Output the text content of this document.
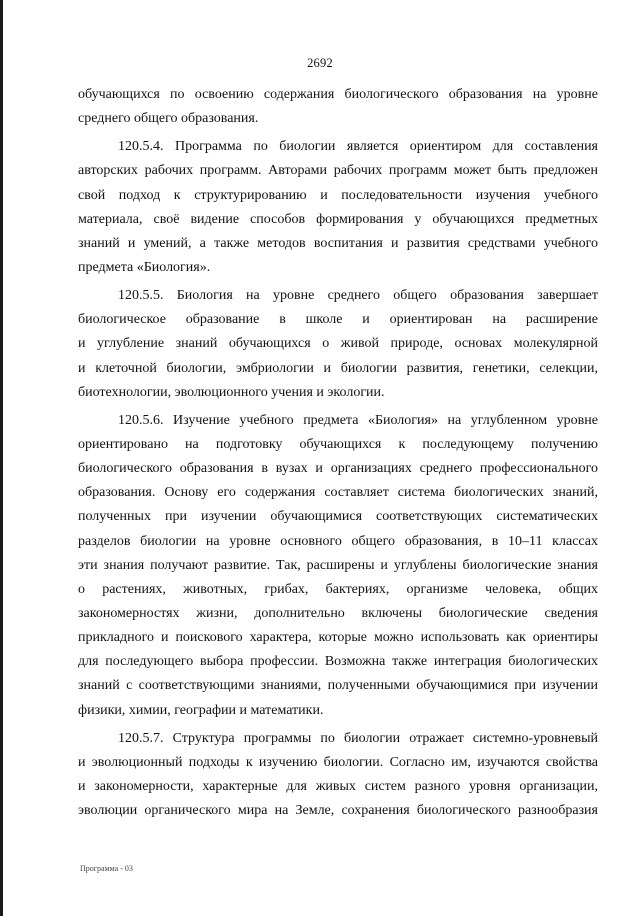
2692
обучающихся по освоению содержания биологического образования на уровне
среднего общего образования.
120.5.4. Программа по биологии является ориентиром для составления
авторских рабочих программ. Авторами рабочих программ может быть предложен
свой подход к структурированию и последовательности изучения учебного
материала, своё видение способов формирования у обучающихся предметных
знаний и умений, а также методов воспитания и развития средствами учебного
предмета «Биология».
120.5.5. Биология на уровне среднего общего образования завершает
биологическое образование в школе и ориентирован на расширение
и углубление знаний обучающихся о живой природе, основах молекулярной
и клеточной биологии, эмбриологии и биологии развития, генетики, селекции,
биотехнологии, эволюционного учения и экологии.
120.5.6. Изучение учебного предмета «Биология» на углубленном уровне
ориентировано на подготовку обучающихся к последующему получению
биологического образования в вузах и организациях среднего профессионального
образования. Основу его содержания составляет система биологических знаний,
полученных при изучении обучающимися соответствующих систематических
разделов биологии на уровне основного общего образования, в 10–11 классах
эти знания получают развитие. Так, расширены и углублены биологические знания
о растениях, животных, грибах, бактериях, организме человека, общих
закономерностях жизни, дополнительно включены биологические сведения
прикладного и поискового характера, которые можно использовать как ориентиры
для последующего выбора профессии. Возможна также интеграция биологических
знаний с соответствующими знаниями, полученными обучающимися при изучении
физики, химии, географии и математики.
120.5.7. Структура программы по биологии отражает системно-уровневый
и эволюционный подходы к изучению биологии. Согласно им, изучаются свойства
и закономерности, характерные для живых систем разного уровня организации,
эволюции органического мира на Земле, сохранения биологического разнообразия
Программа - 03
